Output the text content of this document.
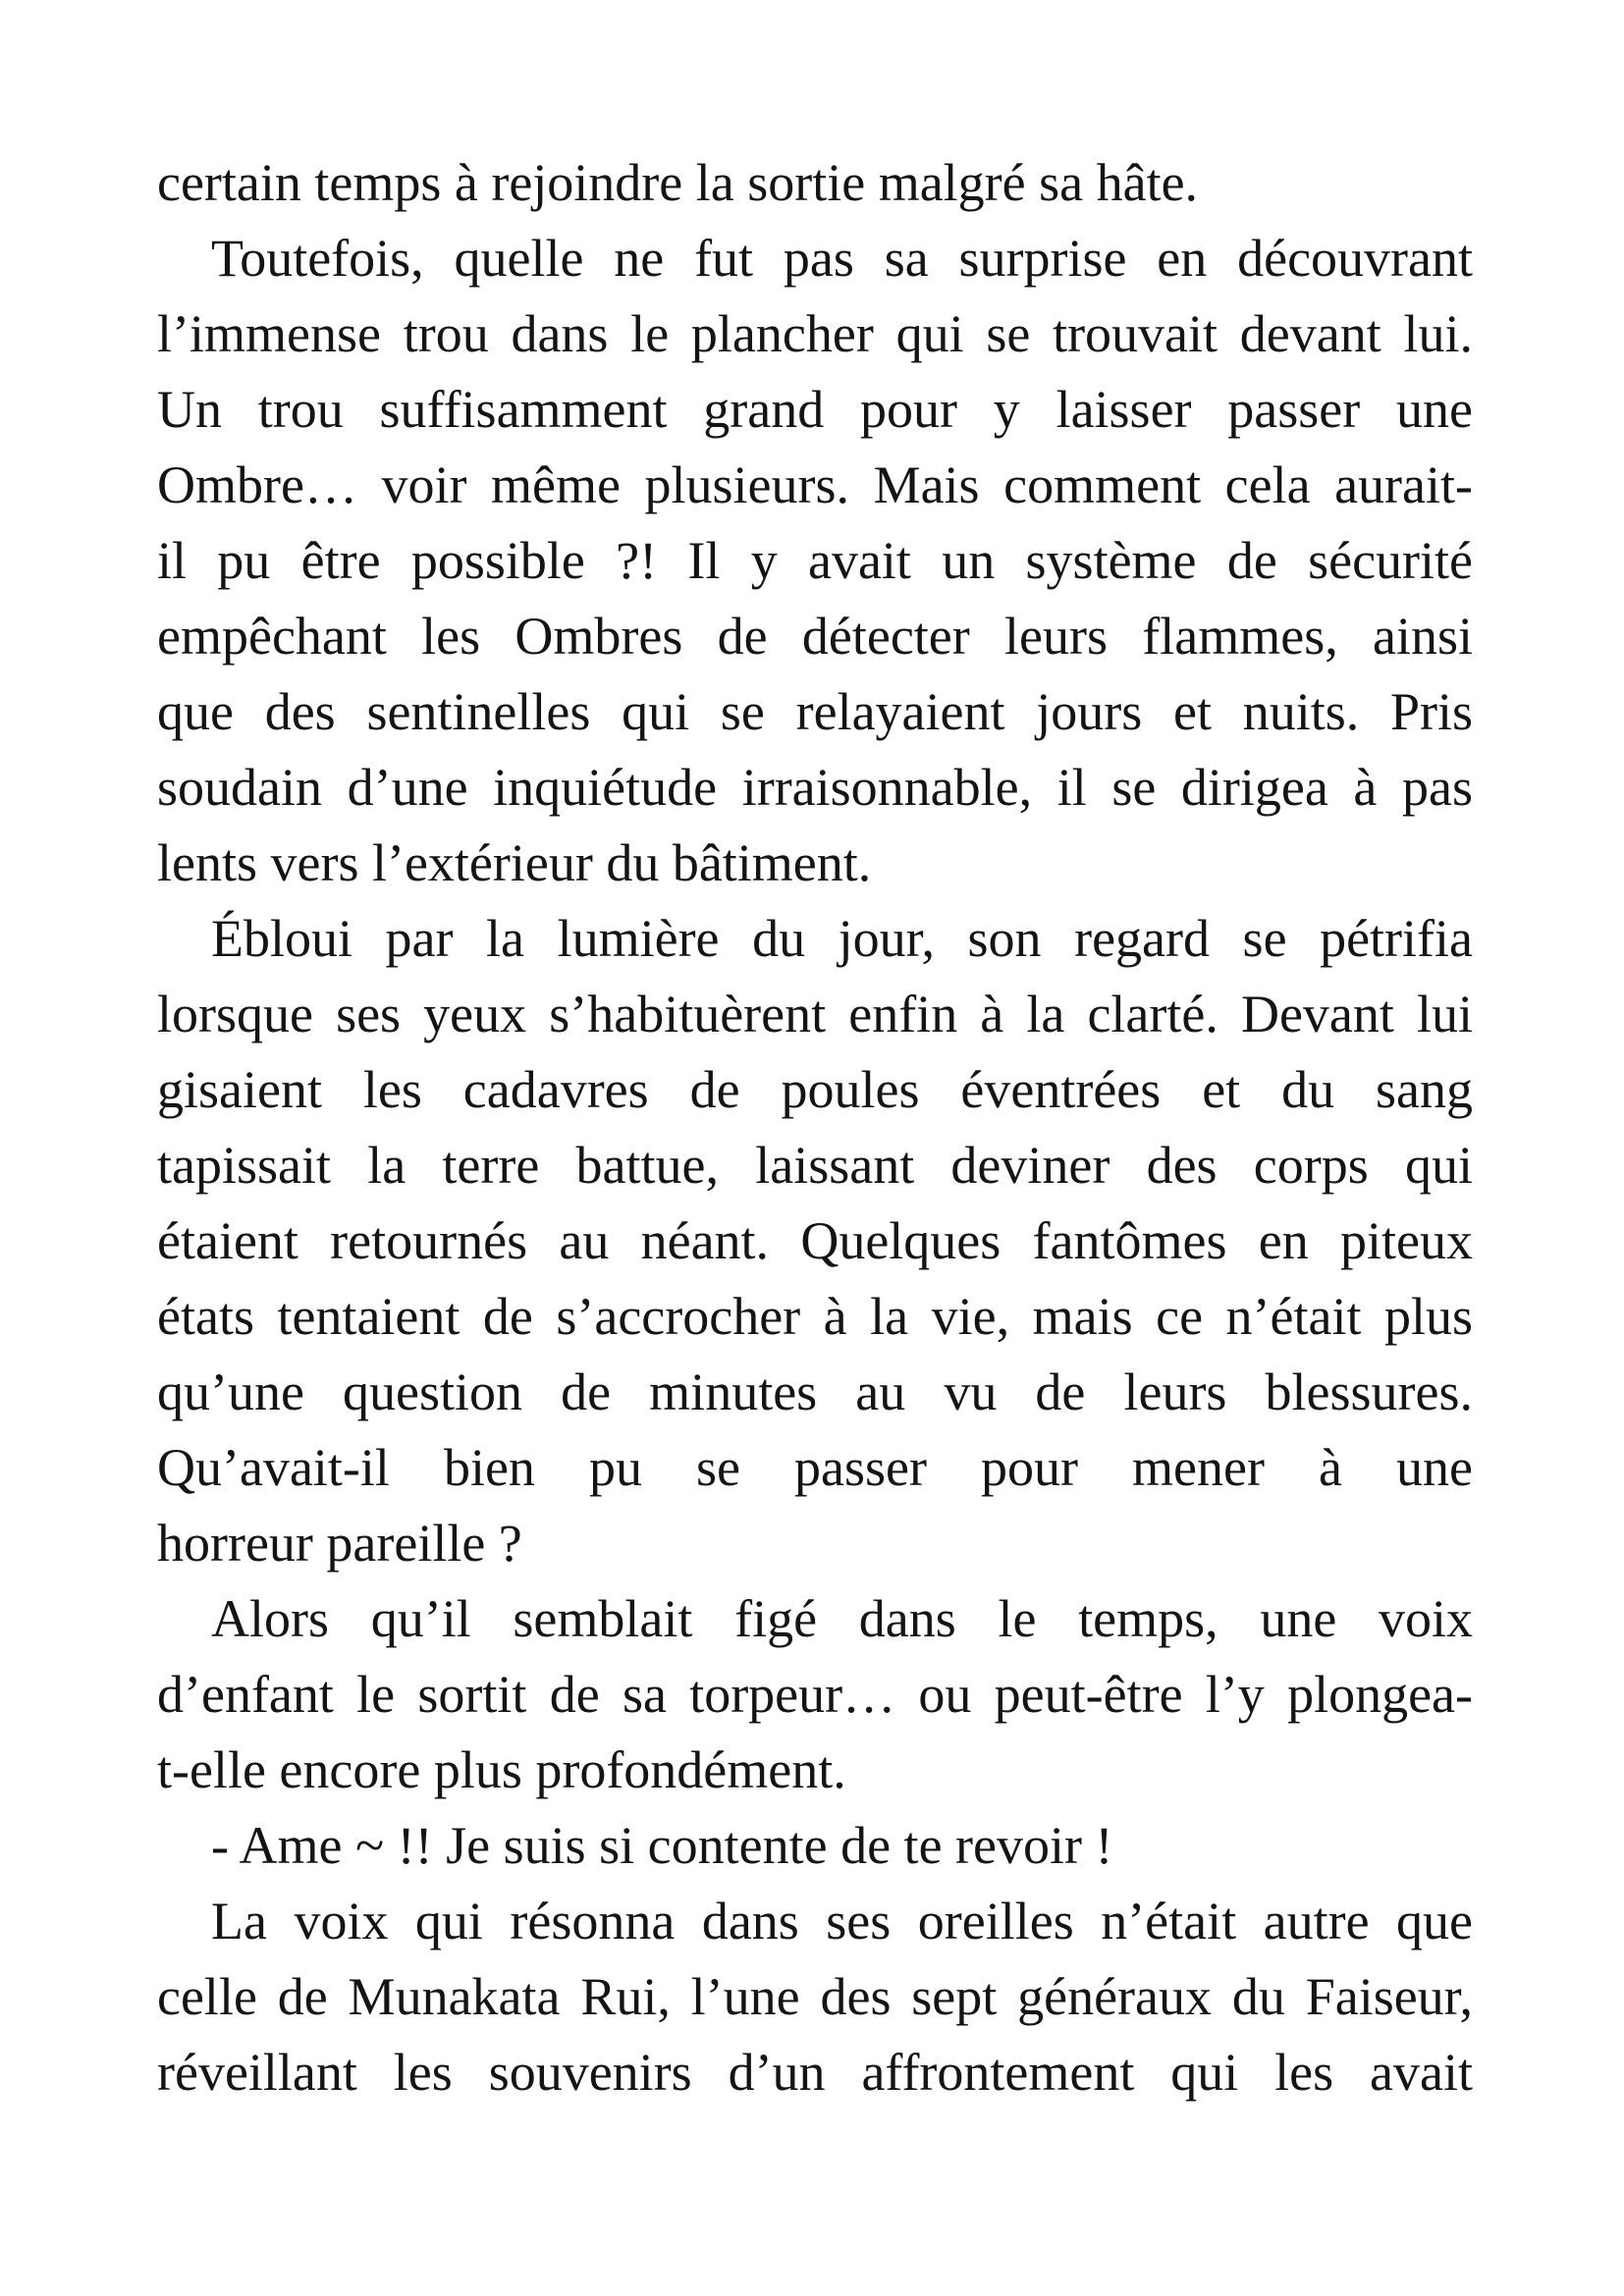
certain temps à rejoindre la sortie malgré sa hâte.
Toutefois, quelle ne fut pas sa surprise en découvrant
l’immense trou dans le plancher qui se trouvait devant lui.
Un trou suffisamment grand pour y laisser passer une
Ombre… voir même plusieurs. Mais comment cela aurait-
il pu être possible ?! Il y avait un système de sécurité
empêchant les Ombres de détecter leurs flammes, ainsi
que des sentinelles qui se relayaient jours et nuits. Pris
soudain d’une inquiétude irraisonnable, il se dirigea à pas
lents vers l’extérieur du bâtiment.
Ébloui par la lumière du jour, son regard se pétrifia
lorsque ses yeux s’habituèrent enfin à la clarté. Devant lui
gisaient les cadavres de poules éventrées et du sang
tapissait la terre battue, laissant deviner des corps qui
étaient retournés au néant. Quelques fantômes en piteux
états tentaient de s’accrocher à la vie, mais ce n’était plus
qu’une question de minutes au vu de leurs blessures.
Qu’avait-il bien pu se passer pour mener à une
horreur pareille ?
Alors qu’il semblait figé dans le temps, une voix
d’enfant le sortit de sa torpeur… ou peut-être l’y plongea-
t-elle encore plus profondément.
- Ame ~ !! Je suis si contente de te revoir !
La voix qui résonna dans ses oreilles n’était autre que
celle de Munakata Rui, l’une des sept généraux du Faiseur,
réveillant les souvenirs d’un affrontement qui les avait
